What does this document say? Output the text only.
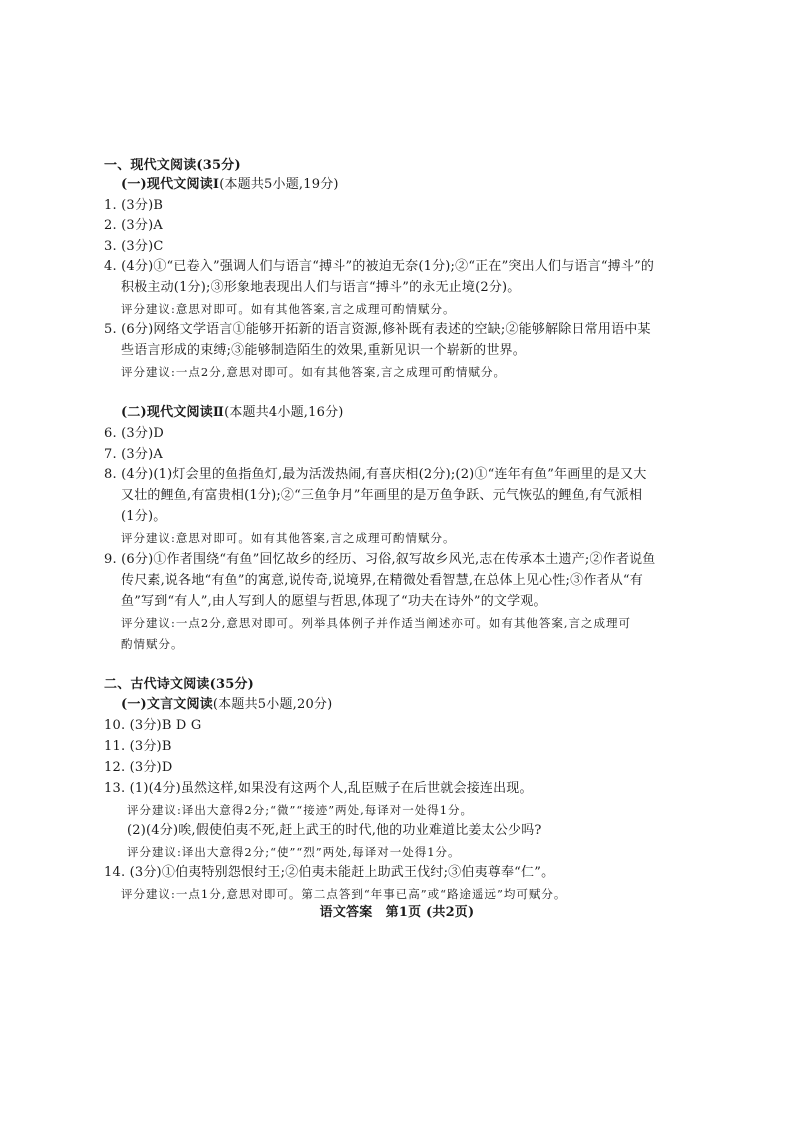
一、现代文阅读(35分)
(一)现代文阅读Ⅰ(本题共5小题,19分)
1. (3分)B
2. (3分)A
3. (3分)C
4. (4分)①“已卷入”强调人们与语言“搏斗”的被迫无奈(1分);②“正在”突出人们与语言“搏斗”的
积极主动(1分);③形象地表现出人们与语言“搏斗”的永无止境(2分)。
评分建议:意思对即可。如有其他答案,言之成理可酌情赋分。
5. (6分)网络文学语言①能够开拓新的语言资源,修补既有表述的空缺;②能够解除日常用语中某
些语言形成的束缚;③能够制造陌生的效果,重新见识一个崭新的世界。
评分建议:一点2分,意思对即可。如有其他答案,言之成理可酌情赋分。
(二)现代文阅读Ⅱ(本题共4小题,16分)
6. (3分)D
7. (3分)A
8. (4分)(1)灯会里的鱼指鱼灯,最为活泼热闹,有喜庆相(2分);(2)①“连年有鱼”年画里的是又大
又壮的鲤鱼,有富贵相(1分);②“三鱼争月”年画里的是万鱼争跃、元气恢弘的鲤鱼,有气派相
(1分)。
评分建议:意思对即可。如有其他答案,言之成理可酌情赋分。
9. (6分)①作者围绕“有鱼”回忆故乡的经历、习俗,叙写故乡风光,志在传承本土遗产;②作者说鱼
传尺素,说各地“有鱼”的寓意,说传奇,说境界,在精微处看智慧,在总体上见心性;③作者从“有
鱼”写到“有人”,由人写到人的愿望与哲思,体现了“功夫在诗外”的文学观。
评分建议:一点2分,意思对即可。列举具体例子并作适当阐述亦可。如有其他答案,言之成理可
酌情赋分。
二、古代诗文阅读(35分)
(一)文言文阅读(本题共5小题,20分)
10. (3分)B D G
11. (3分)B
12. (3分)D
13. (1)(4分)虽然这样,如果没有这两个人,乱臣贼子在后世就会接连出现。
评分建议:译出大意得2分;“微”“接迹”两处,每译对一处得1分。
(2)(4分)唉,假使伯夷不死,赶上武王的时代,他的功业难道比姜太公少吗?
评分建议:译出大意得2分;“使”“烈”两处,每译对一处得1分。
14. (3分)①伯夷特别怨恨纣王;②伯夷未能赶上助武王伐纣;③伯夷尊奉“仁”。
评分建议:一点1分,意思对即可。第二点答到“年事已高”或“路途遥远”均可赋分。
语文答案　第1页 (共2页)
